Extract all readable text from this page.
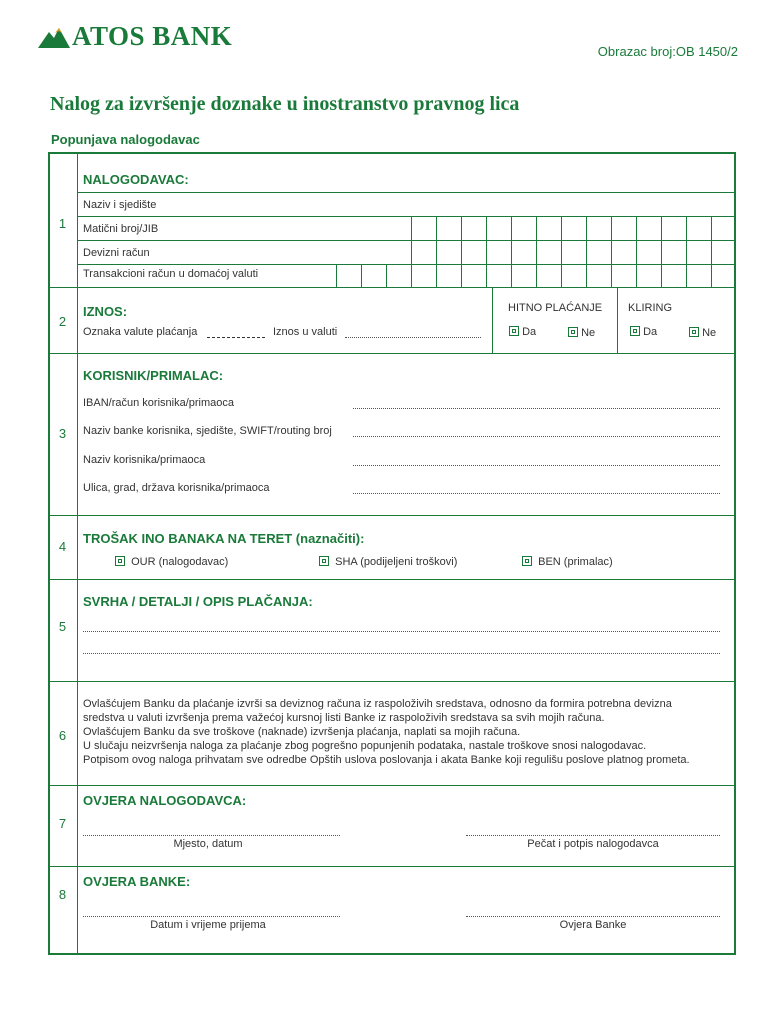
ATOS BANK
Obrazac broj:OB 1450/2
Nalog za izvršenje doznake u inostranstvo pravnog lica
Popunjava nalogodavac
1
NALOGODAVAC:
Naziv i sjedište
Matični broj/JIB
Devizni račun
Transakcioni račun u domaćoj valuti
2
IZNOS:
Oznaka valute plaćanja	Iznos u valuti
HITNO PLAĆANJE
Da	Ne
KLIRING
Da	Ne
3
KORISNIK/PRIMALAC:
IBAN/račun korisnika/primaoca
Naziv banke korisnika, sjedište, SWIFT/routing broj
Naziv korisnika/primaoca
Ulica, grad, država korisnika/primaoca
4
TROŠAK INO BANAKA NA TERET (naznačiti):
OUR (nalogodavac)	SHA (podijeljeni troškovi)	BEN (primalac)
5
SVRHA / DETALJI / OPIS PLAČANJA:
6
Ovlašćujem Banku da plaćanje izvrši sa deviznog računa iz raspoloživih sredstava, odnosno da formira potrebna devizna
sredstva u valuti izvršenja prema važećoj kursnoj listi Banke iz raspoloživih sredstava sa svih mojih računa.
Ovlašćujem Banku da sve troškove (naknade) izvršenja plaćanja, naplati sa mojih računa.
U slučaju neizvršenja naloga za plaćanje zbog pogrešno popunjenih podataka, nastale troškove snosi nalogodavac.
Potpisom ovog naloga prihvatam sve odredbe Opštih uslova poslovanja i akata Banke koji regulišu poslove platnog prometa.
7
OVJERA NALOGODAVCA:
Mjesto, datum	Pečat i potpis nalogodavca
8
OVJERA BANKE:
Datum i vrijeme prijema	Ovjera Banke
